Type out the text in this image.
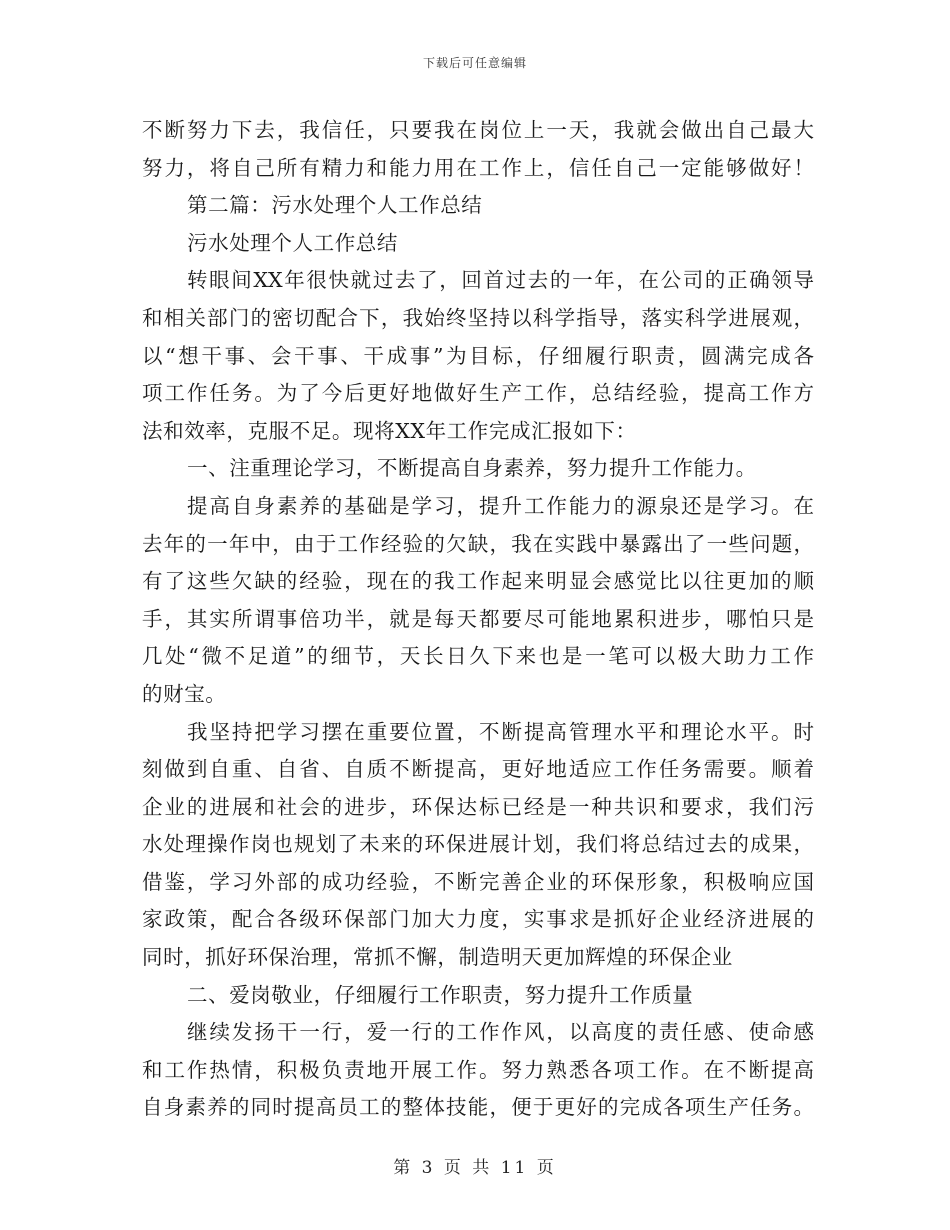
下载后可任意编辑
不断努力下去，我信任，只要我在岗位上一天，我就会做出自己最大
努力，将自己所有精力和能力用在工作上，信任自己一定能够做好！
第二篇：污水处理个人工作总结
污水处理个人工作总结
转眼间XX年很快就过去了，回首过去的一年，在公司的正确领导
和相关部门的密切配合下，我始终坚持以科学指导，落实科学进展观，
以“想干事、会干事、干成事”为目标，仔细履行职责，圆满完成各
项工作任务。为了今后更好地做好生产工作，总结经验，提高工作方
法和效率，克服不足。现将XX年工作完成汇报如下：
一、注重理论学习，不断提高自身素养，努力提升工作能力。
提高自身素养的基础是学习，提升工作能力的源泉还是学习。在
去年的一年中，由于工作经验的欠缺，我在实践中暴露出了一些问题，
有了这些欠缺的经验，现在的我工作起来明显会感觉比以往更加的顺
手，其实所谓事倍功半，就是每天都要尽可能地累积进步，哪怕只是
几处“微不足道”的细节，天长日久下来也是一笔可以极大助力工作
的财宝。
我坚持把学习摆在重要位置，不断提高管理水平和理论水平。时
刻做到自重、自省、自质不断提高，更好地适应工作任务需要。顺着
企业的进展和社会的进步，环保达标已经是一种共识和要求，我们污
水处理操作岗也规划了未来的环保进展计划，我们将总结过去的成果，
借鉴，学习外部的成功经验，不断完善企业的环保形象，积极响应国
家政策，配合各级环保部门加大力度，实事求是抓好企业经济进展的
同时，抓好环保治理，常抓不懈，制造明天更加辉煌的环保企业
二、爱岗敬业，仔细履行工作职责，努力提升工作质量
继续发扬干一行，爱一行的工作作风，以高度的责任感、使命感
和工作热情，积极负责地开展工作。努力熟悉各项工作。在不断提高
自身素养的同时提高员工的整体技能，便于更好的完成各项生产任务。
第 3 页 共 11 页
